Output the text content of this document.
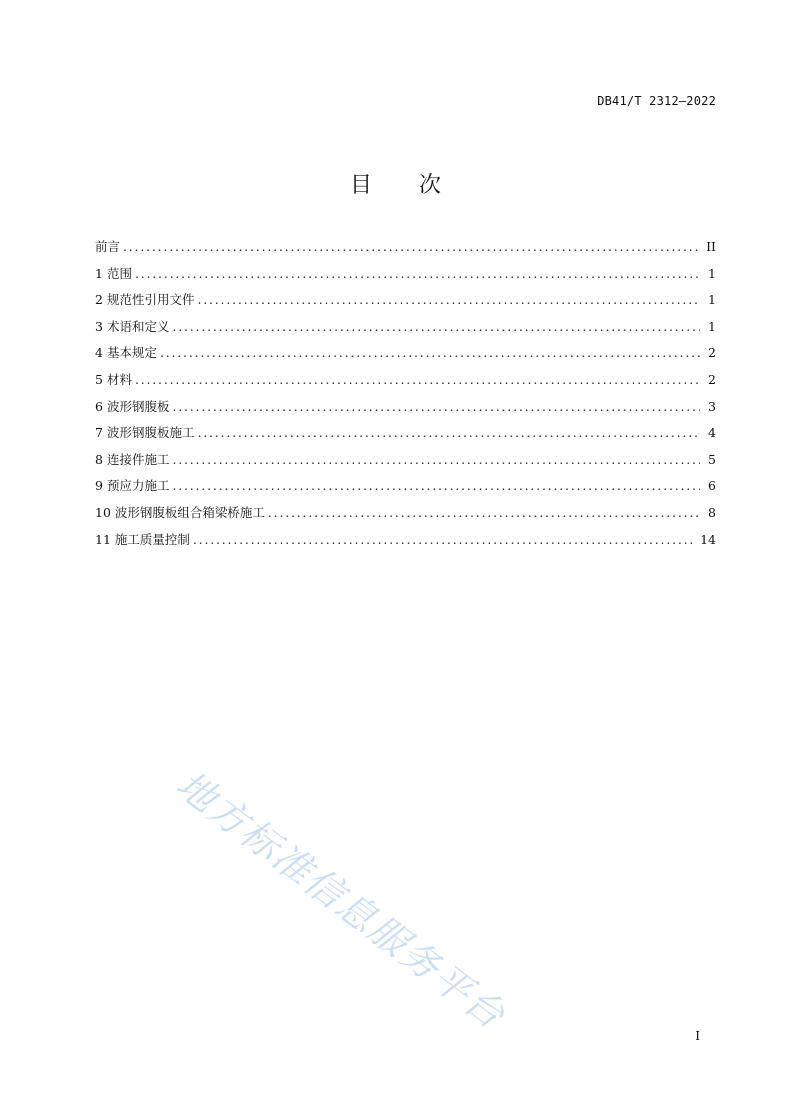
DB41/T 2312—2022
目 次
前言 .....	II
1 范围 .....	1
2 规范性引用文件 .....	1
3 术语和定义 .....	1
4 基本规定 .....	2
5 材料 .....	2
6 波形钢腹板 .....	3
7 波形钢腹板施工 .....	4
8 连接件施工 .....	5
9 预应力施工 .....	6
10 波形钢腹板组合箱梁桥施工 .....	8
11 施工质量控制 .....	14
地方标准信息服务平台	I
